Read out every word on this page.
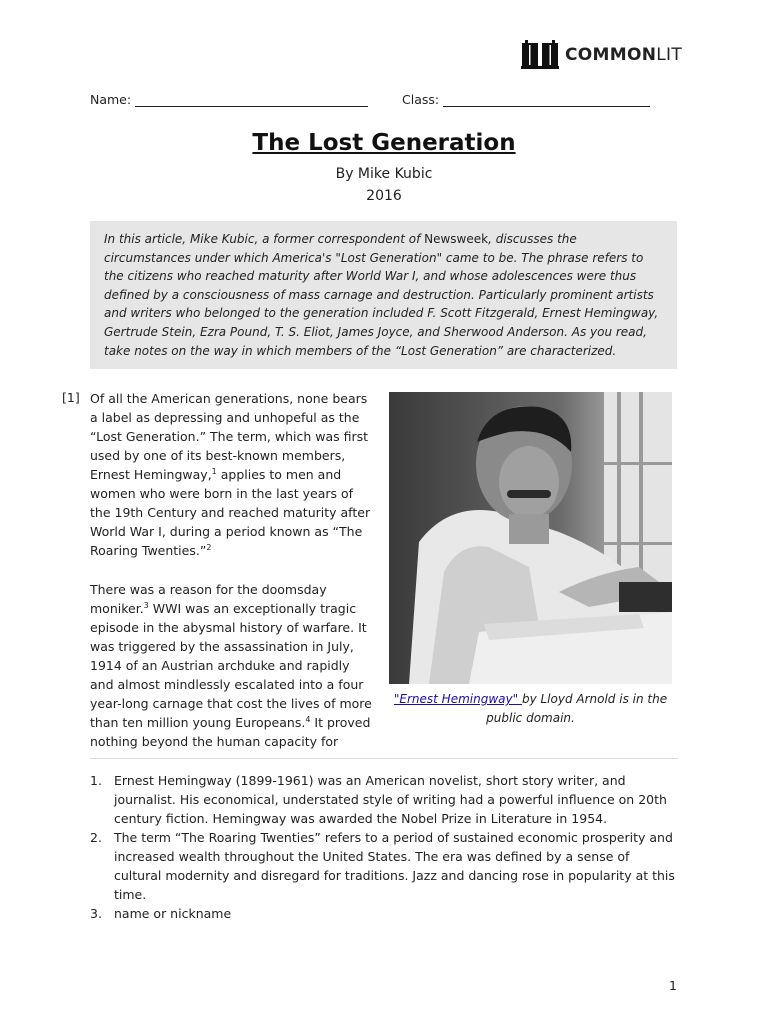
COMMONLIT
Name:	Class:
The Lost Generation
By Mike Kubic
2016
In this article, Mike Kubic, a former correspondent of Newsweek, discusses the circumstances under which America's "Lost Generation" came to be. The phrase refers to the citizens who reached maturity after World War I, and whose adolescences were thus defined by a consciousness of mass carnage and destruction. Particularly prominent artists and writers who belonged to the generation included F. Scott Fitzgerald, Ernest Hemingway, Gertrude Stein, Ezra Pound, T. S. Eliot, James Joyce, and Sherwood Anderson. As you read, take notes on the way in which members of the “Lost Generation” are characterized.
[1] Of all the American generations, none bears a label as depressing and unhopeful as the “Lost Generation.” The term, which was first used by one of its best-known members, Ernest Hemingway,$^1$ applies to men and women who were born in the last years of the 19th Century and reached maturity after World War I, during a period known as “The Roaring Twenties.”$^2$
There was a reason for the doomsday moniker.$^3$ WWI was an exceptionally tragic episode in the abysmal history of warfare. It was triggered by the assassination in July, 1914 of an Austrian archduke and rapidly and almost mindlessly escalated into a four year-long carnage that cost the lives of more than ten million young Europeans.$^4$ It proved nothing beyond the human capacity for
"Ernest Hemingway" by Lloyd Arnold is in the public domain.
1. Ernest Hemingway (1899-1961) was an American novelist, short story writer, and journalist. His economical, understated style of writing had a powerful influence on 20th century fiction. Hemingway was awarded the Nobel Prize in Literature in 1954.
2. The term “The Roaring Twenties” refers to a period of sustained economic prosperity and increased wealth throughout the United States. The era was defined by a sense of cultural modernity and disregard for traditions. Jazz and dancing rose in popularity at this time.
3. name or nickname
1
